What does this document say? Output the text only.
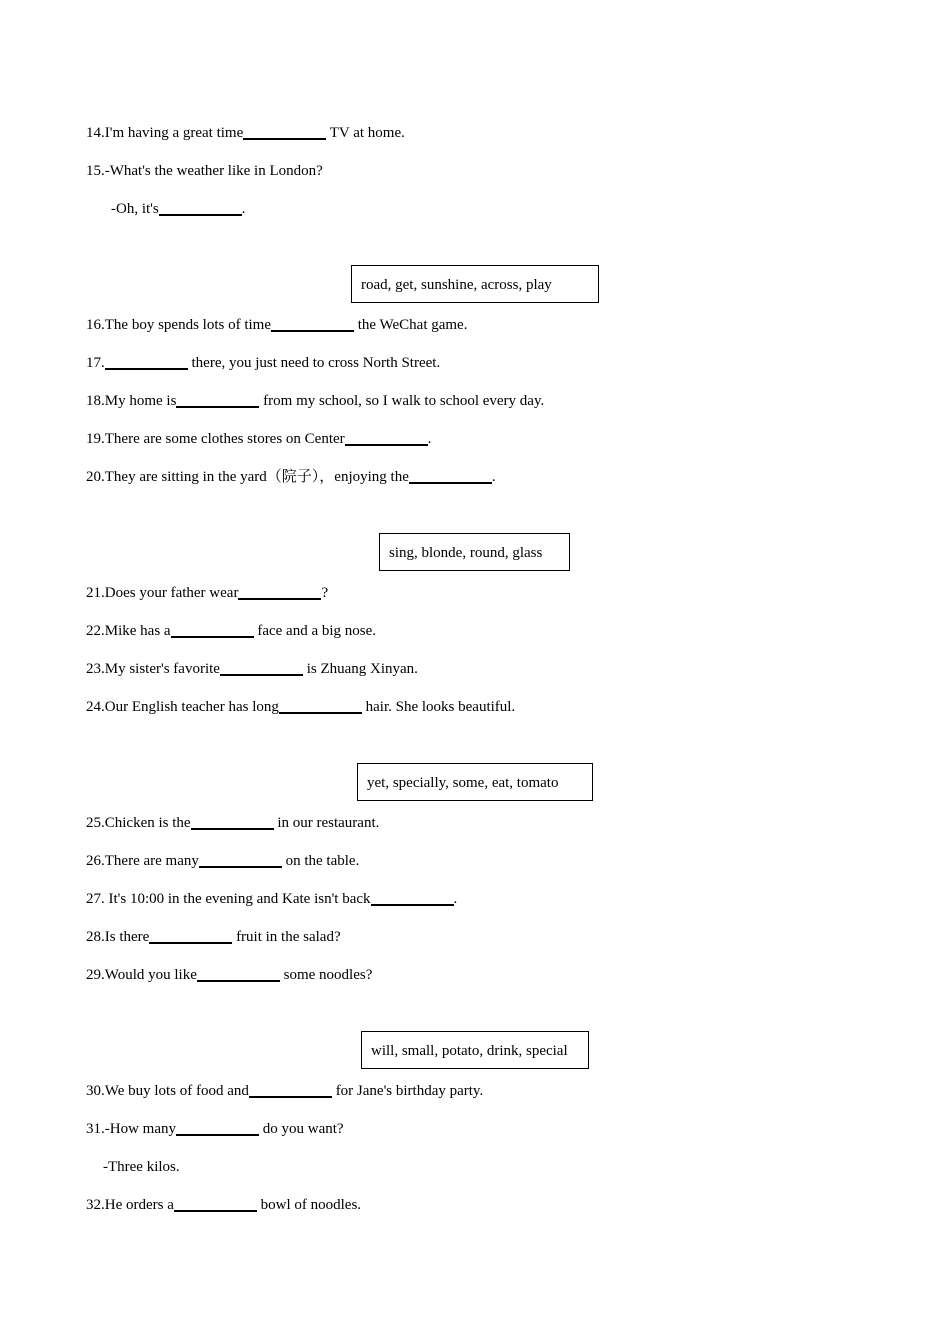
14.I'm having a great time	TV at home.
15.-What's the weather like in London?
-Oh, it's	.
road, get, sunshine, across, play
16.The boy spends lots of time	the WeChat game.
17.	there, you just need to cross North Street.
18.My home is	from my school, so I walk to school every day.
19.There are some clothes stores on Center	.
20.They are sitting in the yard（院子），enjoying the	.
sing, blonde, round, glass
21.Does your father wear	?
22.Mike has a	face and a big nose.
23.My sister's favorite	is Zhuang Xinyan.
24.Our English teacher has long	hair. She looks beautiful.
yet, specially, some, eat, tomato
25.Chicken is the	in our restaurant.
26.There are many	on the table.
27. It's 10:00 in the evening and Kate isn't back	.
28.Is there	fruit in the salad?
29.Would you like	some noodles?
will, small, potato, drink, special
30.We buy lots of food and	for Jane's birthday party.
31.-How many	do you want?
-Three kilos.
32.He orders a	bowl of noodles.
